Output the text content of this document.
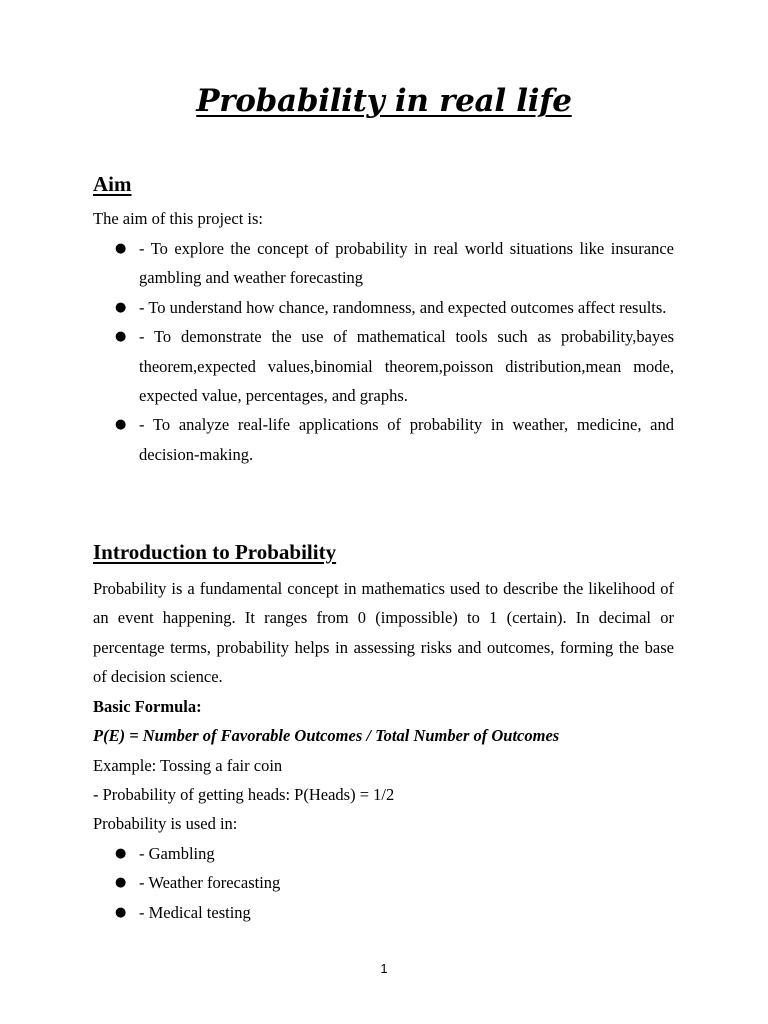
Probability in real life
Aim
The aim of this project is:
● - To explore the concept of probability in real world situations like insurance gambling and weather forecasting
● - To understand how chance, randomness, and expected outcomes affect results.
● - To demonstrate the use of mathematical tools such as probability,bayes theorem,expected values,binomial theorem,poisson distribution,mean mode, expected value, percentages, and graphs.
● - To analyze real-life applications of probability in weather, medicine, and decision-making.
Introduction to Probability
Probability is a fundamental concept in mathematics used to describe the likelihood of an event happening. It ranges from 0 (impossible) to 1 (certain). In decimal or percentage terms, probability helps in assessing risks and outcomes, forming the base of decision science.
Basic Formula:
P(E) = Number of Favorable Outcomes / Total Number of Outcomes
Example: Tossing a fair coin
- Probability of getting heads: P(Heads) = 1/2
Probability is used in:
● - Gambling
● - Weather forecasting
● - Medical testing
1
